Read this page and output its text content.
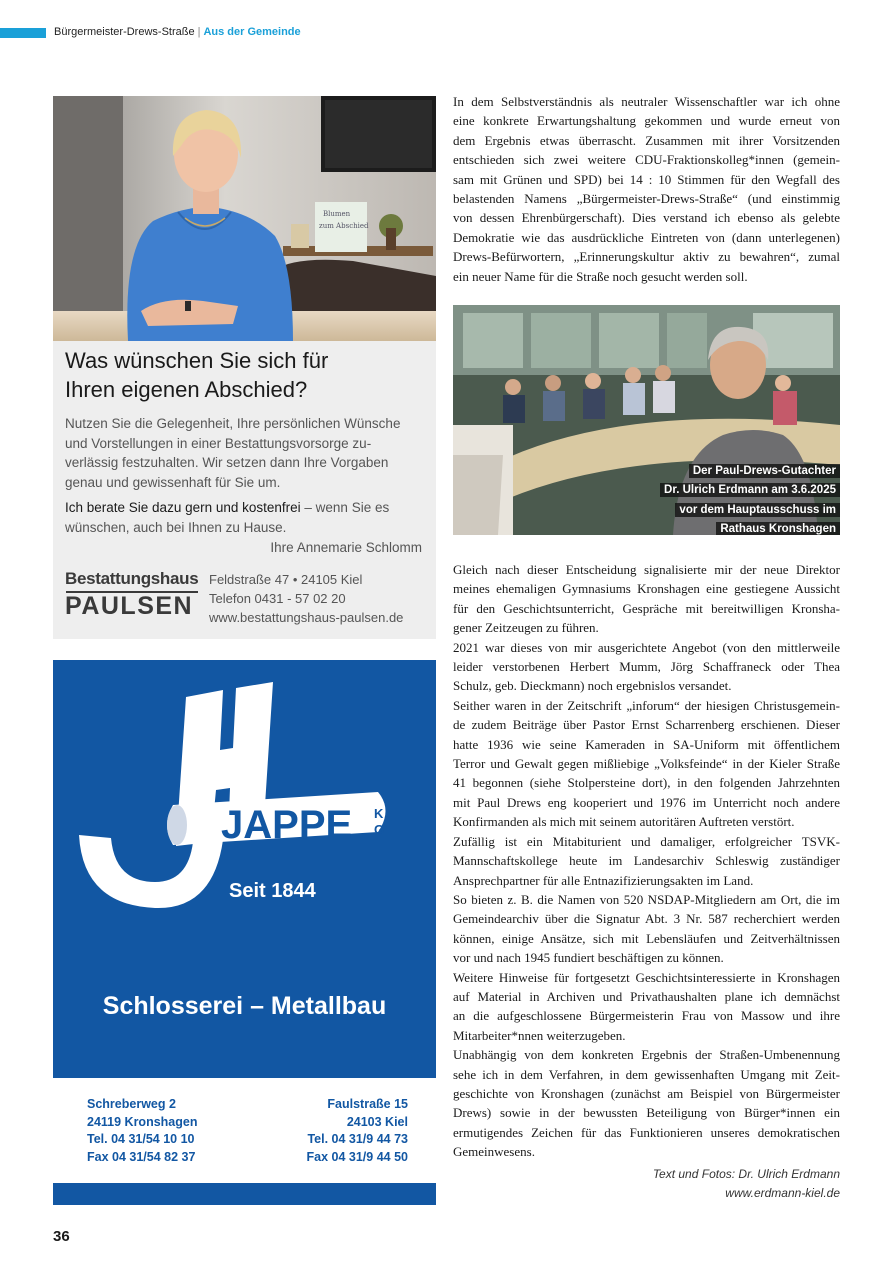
Bürgermeister-Drews-Straße | Aus der Gemeinde
Blumen
zum Abschied
Was wünschen Sie sich für
Ihren eigenen Abschied?
Nutzen Sie die Gelegenheit, Ihre persönlichen Wünsche
und Vorstellungen in einer Bestattungsvorsorge zu-
verlässig festzuhalten. Wir setzen dann Ihre Vorgaben
genau und gewissenhaft für Sie um.
Ich berate Sie dazu gern und kostenfrei – wenn Sie es
wünschen, auch bei Ihnen zu Hause.
Ihre Annemarie Schlomm
Bestattungshaus
PAULSEN
Feldstraße 47 • 24105 Kiel
Telefon 0431 - 57 02 20
www.bestattungshaus-paulsen.de
JAPPE K
G
Seit 1844
Schlosserei – Metallbau
Schreberweg 2
24119 Kronshagen
Tel. 04 31/54 10 10
Fax 04 31/54 82 37
Faulstraße 15
24103 Kiel
Tel. 04 31/9 44 73
Fax 04 31/9 44 50
36
In dem Selbstverständnis als neutraler Wissenschaftler war ich ohne
eine konkrete Erwartungshaltung gekommen und wurde erneut von
dem Ergebnis etwas überrascht. Zusammen mit ihrer Vorsitzenden
entschieden sich zwei weitere CDU-Fraktionskolleg*innen (gemein-
sam mit Grünen und SPD) bei 14 : 10 Stimmen für den Wegfall des
belastenden Namens „Bürgermeister-Drews-Straße“ (und einstimmig
von dessen Ehrenbürgerschaft). Dies verstand ich ebenso als gelebte
Demokratie wie das ausdrückliche Eintreten von (dann unterlegenen)
Drews-Befürwortern, „Erinnerungskultur aktiv zu bewahren“, zumal
ein neuer Name für die Straße noch gesucht werden soll.
Der Paul-Drews-Gutachter
Dr. Ulrich Erdmann am 3.6.2025
vor dem Hauptausschuss im
Rathaus Kronshagen
Gleich nach dieser Entscheidung signalisierte mir der neue Direktor
meines ehemaligen Gymnasiums Kronshagen eine gestiegene Aussicht
für den Geschichtsunterricht, Gespräche mit bereitwilligen Kronsha-
gener Zeitzeugen zu führen.
2021 war dieses von mir ausgerichtete Angebot (von den mittlerweile
leider verstorbenen Herbert Mumm, Jörg Schaffraneck oder Thea
Schulz, geb. Dieckmann) noch ergebnislos versandet.
Seither waren in der Zeitschrift „inforum“ der hiesigen Christusgemein-
de zudem Beiträge über Pastor Ernst Scharrenberg erschienen. Dieser
hatte 1936 wie seine Kameraden in SA-Uniform mit öffentlichem
Terror und Gewalt gegen mißliebige „Volksfeinde“ in der Kieler Straße
41 begonnen (siehe Stolpersteine dort), in den folgenden Jahrzehnten
mit Paul Drews eng kooperiert und 1976 im Unterricht noch andere
Konfirmanden als mich mit seinem autoritären Auftreten verstört.
Zufällig ist ein Mitabiturient und damaliger, erfolgreicher TSVK-
Mannschaftskollege heute im Landesarchiv Schleswig zuständiger
Ansprechpartner für alle Entnazifizierungsakten im Land.
So bieten z. B. die Namen von 520 NSDAP-Mitgliedern am Ort, die im
Gemeindearchiv über die Signatur Abt. 3 Nr. 587 recherchiert werden
können, einige Ansätze, sich mit Lebensläufen und Zeitverhältnissen
vor und nach 1945 fundiert beschäftigen zu können.
Weitere Hinweise für fortgesetzt Geschichtsinteressierte in Kronshagen
auf Material in Archiven und Privathaushalten plane ich demnächst
an die aufgeschlossene Bürgermeisterin Frau von Massow und ihre
Mitarbeiter*nnen weiterzugeben.
Unabhängig von dem konkreten Ergebnis der Straßen-Umbenennung
sehe ich in dem Verfahren, in dem gewissenhaften Umgang mit Zeit-
geschichte von Kronshagen (zunächst am Beispiel von Bürgermeister
Drews) sowie in der bewussten Beteiligung von Bürger*innen ein
ermutigendes Zeichen für das Funktionieren unseres demokratischen
Gemeinwesens.
Text und Fotos: Dr. Ulrich Erdmann
www.erdmann-kiel.de
